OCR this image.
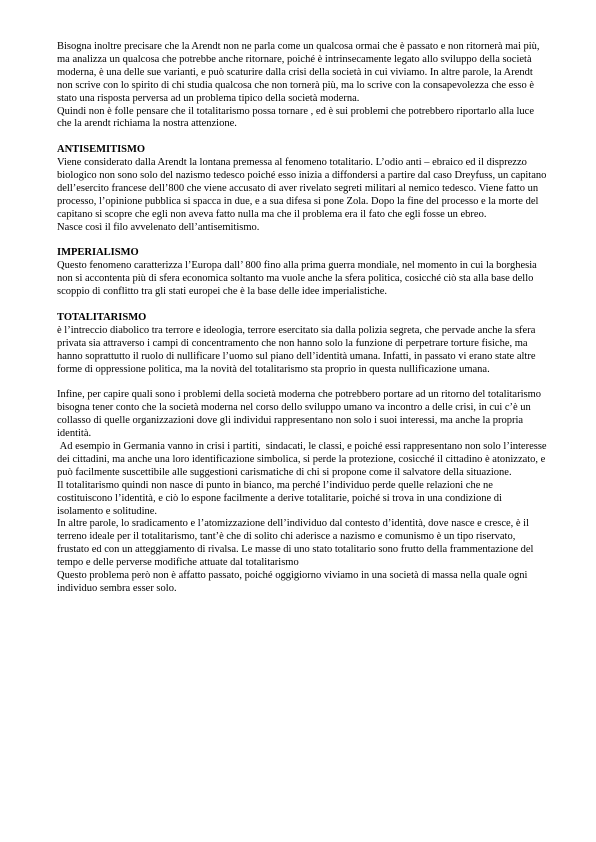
Bisogna inoltre precisare che la Arendt non ne parla come un qualcosa ormai che è passato e non ritornerà mai più, ma analizza un qualcosa che potrebbe anche ritornare, poiché è intrinsecamente legato allo sviluppo della società moderna, è una delle sue varianti, e può scaturire dalla crisi della società in cui viviamo. In altre parole, la Arendt non scrive con lo spirito di chi studia qualcosa che non tornerà più, ma lo scrive con la consapevolezza che esso è stato una risposta perversa ad un problema tipico della società moderna.

Quindi non è folle pensare che il totalitarismo possa tornare , ed è sui problemi che potrebbero riportarlo alla luce che la arendt richiama la nostra attenzione.

ANTISEMITISMO

Viene considerato dalla Arendt la lontana premessa al fenomeno totalitario. L’odio anti – ebraico ed il disprezzo biologico non sono solo del nazismo tedesco poiché esso inizia a diffondersi a partire dal caso Dreyfuss, un capitano dell’esercito francese dell’800 che viene accusato di aver rivelato segreti militari al nemico tedesco. Viene fatto un processo, l’opinione pubblica si spacca in due, e a sua difesa si pone Zola. Dopo la fine del processo e la morte del capitano si scopre che egli non aveva fatto nulla ma che il problema era il fato che egli fosse un ebreo.

Nasce così il filo avvelenato dell’antisemitismo.

IMPERIALISMO

Questo fenomeno caratterizza l’Europa dall’ 800 fino alla prima guerra mondiale, nel momento in cui la borghesia non si accontenta più di sfera economica soltanto ma vuole anche la sfera politica, cosicché ciò sta alla base dello scoppio di conflitto tra gli stati europei che è la base delle idee imperialistiche.

TOTALITARISMO

è l’intreccio diabolico tra terrore e ideologia, terrore esercitato sia dalla polizia segreta, che pervade anche la sfera privata sia attraverso i campi di concentramento che non hanno solo la funzione di perpetrare torture fisiche, ma hanno soprattutto il ruolo di nullificare l’uomo sul piano dell’identità umana. Infatti, in passato vi erano state altre forme di oppressione politica, ma la novità del totalitarismo sta proprio in questa nullificazione umana.

Infine, per capire quali sono i problemi della società moderna che potrebbero portare ad un ritorno del totalitarismo bisogna tener conto che la società moderna nel corso dello sviluppo umano va incontro a delle crisi, in cui c’è un collasso di quelle organizzazioni dove gli individui rappresentano non solo i suoi interessi, ma anche la propria identità.

Ad esempio in Germania vanno in crisi i partiti,  sindacati, le classi, e poiché essi rappresentano non solo l’interesse dei cittadini, ma anche una loro identificazione simbolica, si perde la protezione, cosicché il cittadino è atonizzato, e può facilmente suscettibile alle suggestioni carismatiche di chi si propone come il salvatore della situazione.

Il totalitarismo quindi non nasce di punto in bianco, ma perché l’individuo perde quelle relazioni che ne costituiscono l’identità, e ciò lo espone facilmente a derive totalitarie, poiché si trova in una condizione di isolamento e solitudine.

In altre parole, lo sradicamento e l’atomizzazione dell’individuo dal contesto d’identità, dove nasce e cresce, è il terreno ideale per il totalitarismo, tant’è che di solito chi aderisce a nazismo e comunismo è un tipo riservato, frustato ed con un atteggiamento di rivalsa. Le masse di uno stato totalitario sono frutto della frammentazione del tempo e delle perverse modifiche attuate dal totalitarismo

Questo problema però non è affatto passato, poiché oggigiorno viviamo in una società di massa nella quale ogni individuo sembra esser solo.
